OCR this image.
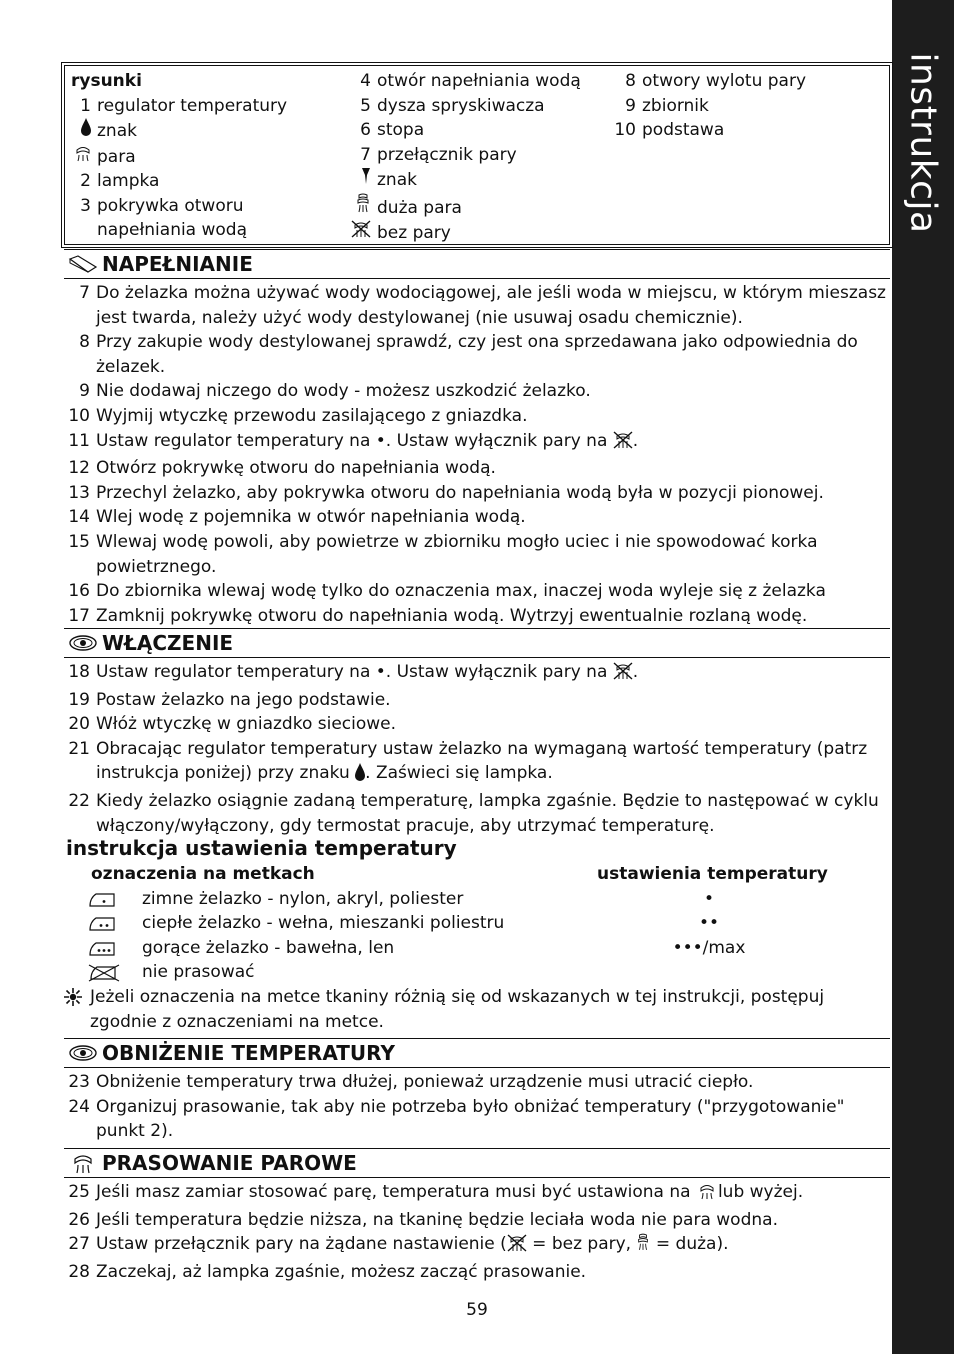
instrukcja
rysunki
1 regulator temperatury
znak
para
2 lampka
3 pokrywka otworu
napełniania wodą
4 otwór napełniania wodą
5 dysza spryskiwacza
6 stopa
7 przełącznik pary
znak
duża para
bez pary
8 otwory wylotu pary
9 zbiornik
10 podstawa
NAPEŁNIANIE
7 Do żelazka można używać wody wodociągowej, ale jeśli woda w miejscu, w którym mieszasz jest twarda, należy użyć wody destylowanej (nie usuwaj osadu chemicznie).
8 Przy zakupie wody destylowanej sprawdź, czy jest ona sprzedawana jako odpowiednia do żelazek.
9 Nie dodawaj niczego do wody - możesz uszkodzić żelazko.
10 Wyjmij wtyczkę przewodu zasilającego z gniazdka.
11 Ustaw regulator temperatury na •. Ustaw wyłącznik pary na .
12 Otwórz pokrywkę otworu do napełniania wodą.
13 Przechyl żelazko, aby pokrywka otworu do napełniania wodą była w pozycji pionowej.
14 Wlej wodę z pojemnika w otwór napełniania wodą.
15 Wlewaj wodę powoli, aby powietrze w zbiorniku mogło uciec i nie spowodować korka powietrznego.
16 Do zbiornika wlewaj wodę tylko do oznaczenia max, inaczej woda wyleje się z żelazka
17 Zamknij pokrywkę otworu do napełniania wodą. Wytrzyj ewentualnie rozlaną wodę.
WŁĄCZENIE
18 Ustaw regulator temperatury na •. Ustaw wyłącznik pary na .
19 Postaw żelazko na jego podstawie.
20 Włóż wtyczkę w gniazdko sieciowe.
21 Obracając regulator temperatury ustaw żelazko na wymaganą wartość temperatury (patrz instrukcja poniżej) przy znaku . Zaświeci się lampka.
22 Kiedy żelazko osiągnie zadaną temperaturę, lampka zgaśnie. Będzie to następować w cyklu włączony/wyłączony, gdy termostat pracuje, aby utrzymać temperaturę.
instrukcja ustawienia temperatury
oznaczenia na metkach	ustawienia temperatury
zimne żelazko - nylon, akryl, poliester	•
ciepłe żelazko - wełna, mieszanki poliestru	••
gorące żelazko - bawełna, len	•••/max
nie prasować
Jeżeli oznaczenia na metce tkaniny różnią się od wskazanych w tej instrukcji, postępuj zgodnie z oznaczeniami na metce.
OBNIŻENIE TEMPERATURY
23 Obniżenie temperatury trwa dłużej, ponieważ urządzenie musi utracić ciepło.
24 Organizuj prasowanie, tak aby nie potrzeba było obniżać temperatury ("przygotowanie" punkt 2).
PRASOWANIE PAROWE
25 Jeśli masz zamiar stosować parę, temperatura musi być ustawiona na lub wyżej.
26 Jeśli temperatura będzie niższa, na tkaninę będzie leciała woda nie para wodna.
27 Ustaw przełącznik pary na żądane nastawienie ( = bez pary,  = duża).
28 Zaczekaj, aż lampka zgaśnie, możesz zacząć prasowanie.
59
